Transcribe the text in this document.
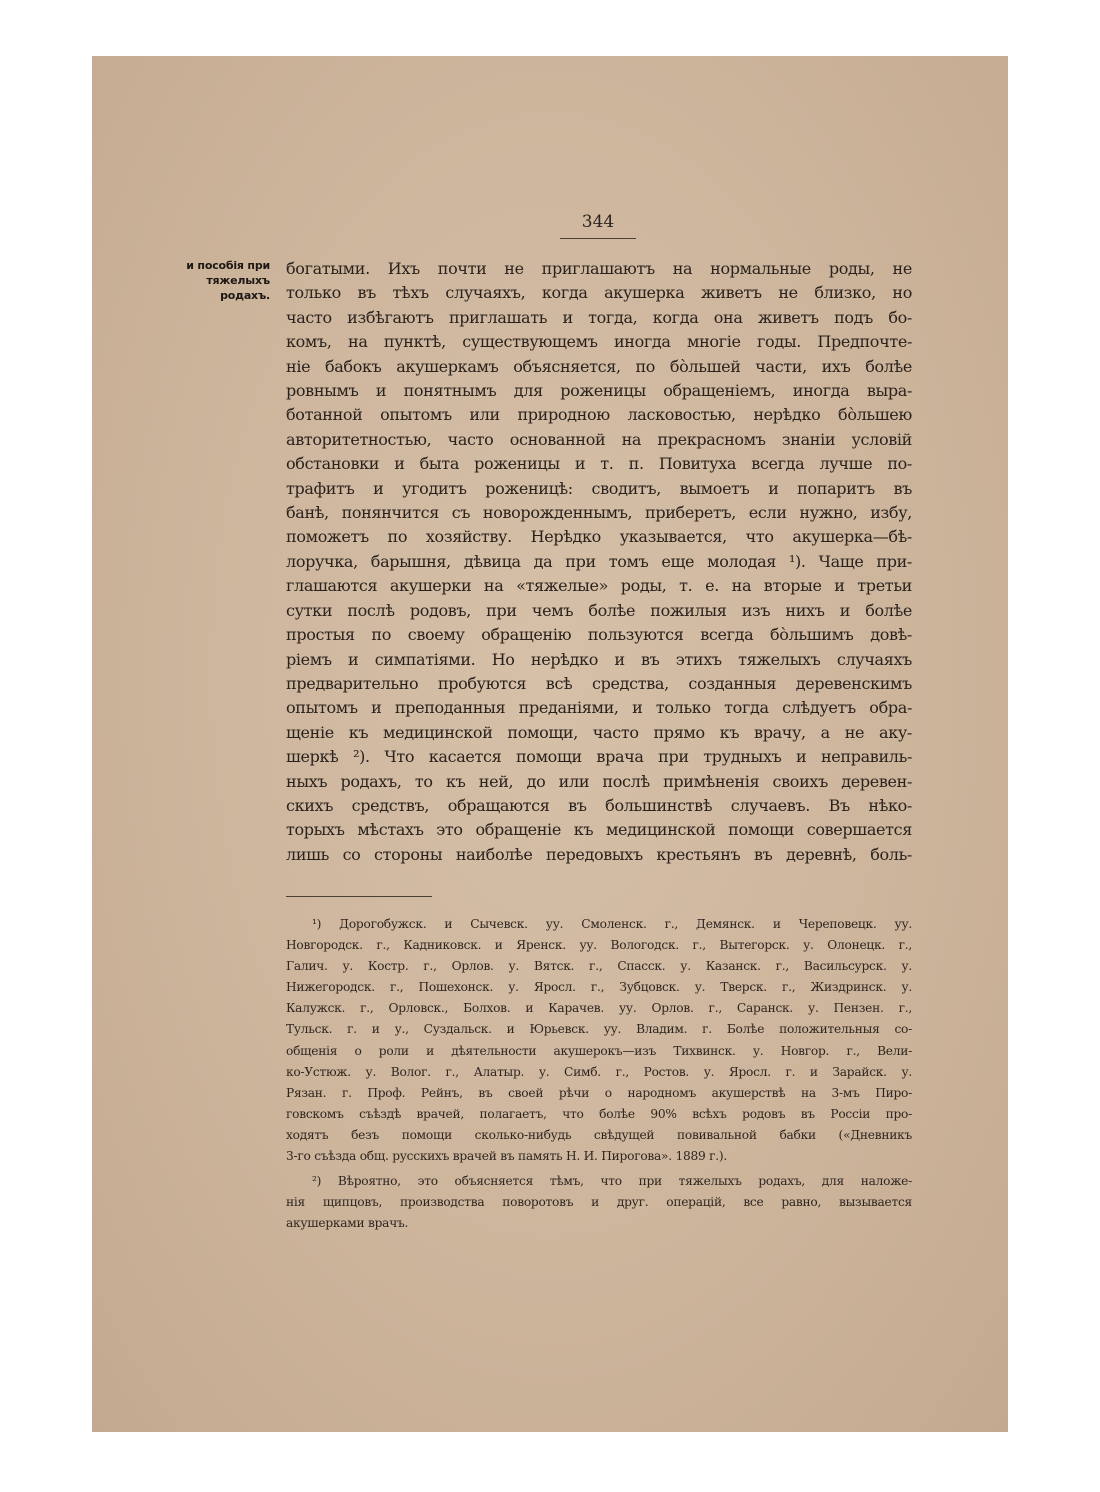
344
и пособія при
тяжелыхъ
родахъ.
богатыми. Ихъ почти не приглашаютъ на нормальные роды, не
только въ тѣхъ случаяхъ, когда акушерка живетъ не близко, но
часто избѣгаютъ приглашать и тогда, когда она живетъ подъ бо-
комъ, на пунктѣ, существующемъ иногда многіе годы. Предпочте-
ніе бабокъ акушеркамъ объясняется, по бо̀льшей части, ихъ болѣе
ровнымъ и понятнымъ для роженицы обращеніемъ, иногда выра-
ботанной опытомъ или природною ласковостью, нерѣдко бо̀льшею
авторитетностью, часто основанной на прекрасномъ знаніи условій
обстановки и быта роженицы и т. п. Повитуха всегда лучше по-
трафитъ и угодитъ роженицѣ: сводитъ, вымоетъ и попаритъ въ
банѣ, понянчится съ новорожденнымъ, приберетъ, если нужно, избу,
поможетъ по хозяйству. Нерѣдко указывается, что акушерка—бѣ-
лоручка, барышня, дѣвица да при томъ еще молодая ¹). Чаще при-
глашаются акушерки на «тяжелые» роды, т. е. на вторые и третьи
сутки послѣ родовъ, при чемъ болѣе пожилыя изъ нихъ и болѣе
простыя по своему обращенію пользуются всегда бо̀льшимъ довѣ-
ріемъ и симпатіями. Но нерѣдко и въ этихъ тяжелыхъ случаяхъ
предварительно пробуются всѣ средства, созданныя деревенскимъ
опытомъ и преподанныя преданіями, и только тогда слѣдуетъ обра-
щеніе къ медицинской помощи, часто прямо къ врачу, а не аку-
шеркѣ ²). Что касается помощи врача при трудныхъ и неправиль-
ныхъ родахъ, то къ ней, до или послѣ примѣненія своихъ деревен-
скихъ средствъ, обращаются въ большинствѣ случаевъ. Въ нѣко-
торыхъ мѣстахъ это обращеніе къ медицинской помощи совершается
лишь со стороны наиболѣе передовыхъ крестьянъ въ деревнѣ, боль-
¹) Дорогобужск. и Сычевск. уу. Смоленск. г., Демянск. и Череповецк. уу.
Новгородск. г., Кадниковск. и Яренск. уу. Вологодск. г., Вытегорск. у. Олонецк. г.,
Галич. у. Костр. г., Орлов. у. Вятск. г., Спасск. у. Казанск. г., Васильсурск. у.
Нижегородск. г., Пошехонск. у. Яросл. г., Зубцовск. у. Тверск. г., Жиздринск. у.
Калужск. г., Орловск., Болхов. и Карачев. уу. Орлов. г., Саранск. у. Пензен. г.,
Тульск. г. и у., Суздальск. и Юрьевск. уу. Владим. г. Болѣе положительныя со-
общенія о роли и дѣятельности акушерокъ—изъ Тихвинск. у. Новгор. г., Вели-
ко-Устюж. у. Волог. г., Алатыр. у. Симб. г., Ростов. у. Яросл. г. и Зарайск. у.
Рязан. г. Проф. Рейнъ, въ своей рѣчи о народномъ акушерствѣ на 3-мъ Пиро-
говскомъ съѣздѣ врачей, полагаетъ, что болѣе 90% всѣхъ родовъ въ Россіи про-
ходятъ безъ помощи сколько-нибудь свѣдущей повивальной бабки («Дневникъ
3-го съѣзда общ. русскихъ врачей въ память Н. И. Пирогова». 1889 г.).
²) Вѣроятно, это объясняется тѣмъ, что при тяжелыхъ родахъ, для наложе-
нія щипцовъ, производства поворотовъ и друг. операцій, все равно, вызывается
акушерками врачъ.
